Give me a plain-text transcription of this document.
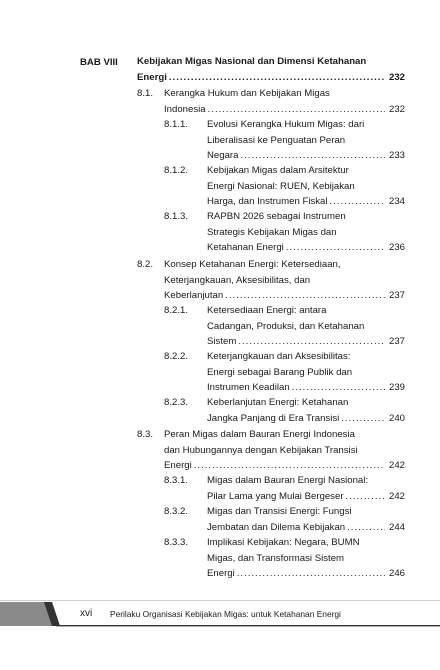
BAB VIII Kebijakan Migas Nasional dan Dimensi Ketahanan
Energi .....	232
8.1. Kerangka Hukum dan Kebijakan Migas
Indonesia .....	232
8.1.1. Evolusi Kerangka Hukum Migas: dari
Liberalisasi ke Penguatan Peran
Negara .....	233
8.1.2. Kebijakan Migas dalam Arsitektur
Energi Nasional: RUEN, Kebijakan
Harga, dan Instrumen Fiskal .....	234
8.1.3. RAPBN 2026 sebagai Instrumen
Strategis Kebijakan Migas dan
Ketahanan Energi .....	236
8.2. Konsep Ketahanan Energi: Ketersediaan,
Keterjangkauan, Aksesibilitas, dan
Keberlanjutan .....	237
8.2.1. Ketersediaan Energi: antara
Cadangan, Produksi, dan Ketahanan
Sistem .....	237
8.2.2. Keterjangkauan dan Aksesibilitas:
Energi sebagai Barang Publik dan
Instrumen Keadilan .....	239
8.2.3. Keberlanjutan Energi: Ketahanan
Jangka Panjang di Era Transisi .....	240
8.3. Peran Migas dalam Bauran Energi Indonesia
dan Hubungannya dengan Kebijakan Transisi
Energi .....	242
8.3.1. Migas dalam Bauran Energi Nasional:
Pilar Lama yang Mulai Bergeser .....	242
8.3.2. Migas dan Transisi Energi: Fungsi
Jembatan dan Dilema Kebijakan .....	244
8.3.3. Implikasi Kebijakan: Negara, BUMN
Migas, dan Transformasi Sistem
Energi .....	246
xvi Perilaku Organisasi Kebijakan Migas: untuk Ketahanan Energi
